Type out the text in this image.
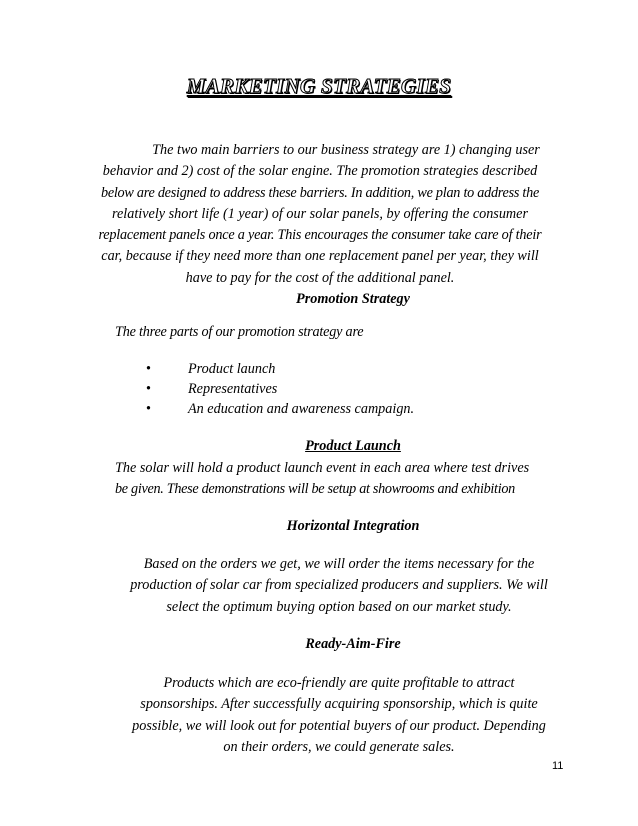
MARKETING STRATEGIES
The two main barriers to our business strategy are 1) changing user
behavior and 2) cost of the solar engine. The promotion strategies described
below are designed to address these barriers. In addition, we plan to address the
relatively short life (1 year) of our solar panels, by offering the consumer
replacement panels once a year. This encourages the consumer take care of their
car, because if they need more than one replacement panel per year, they will
have to pay for the cost of the additional panel.
Promotion Strategy
The three parts of our promotion strategy are
•	Product launch
•	Representatives
•	An education and awareness campaign.
Product Launch
The solar will hold a product launch event in each area where test drives
be given. These demonstrations will be setup at showrooms and exhibition
Horizontal Integration
Based on the orders we get, we will order the items necessary for the
production of solar car from specialized producers and suppliers. We will
select the optimum buying option based on our market study.
Ready-Aim-Fire
Products which are eco-friendly are quite profitable to attract
sponsorships. After successfully acquiring sponsorship, which is quite
possible, we will look out for potential buyers of our product. Depending
on their orders, we could generate sales.
11
